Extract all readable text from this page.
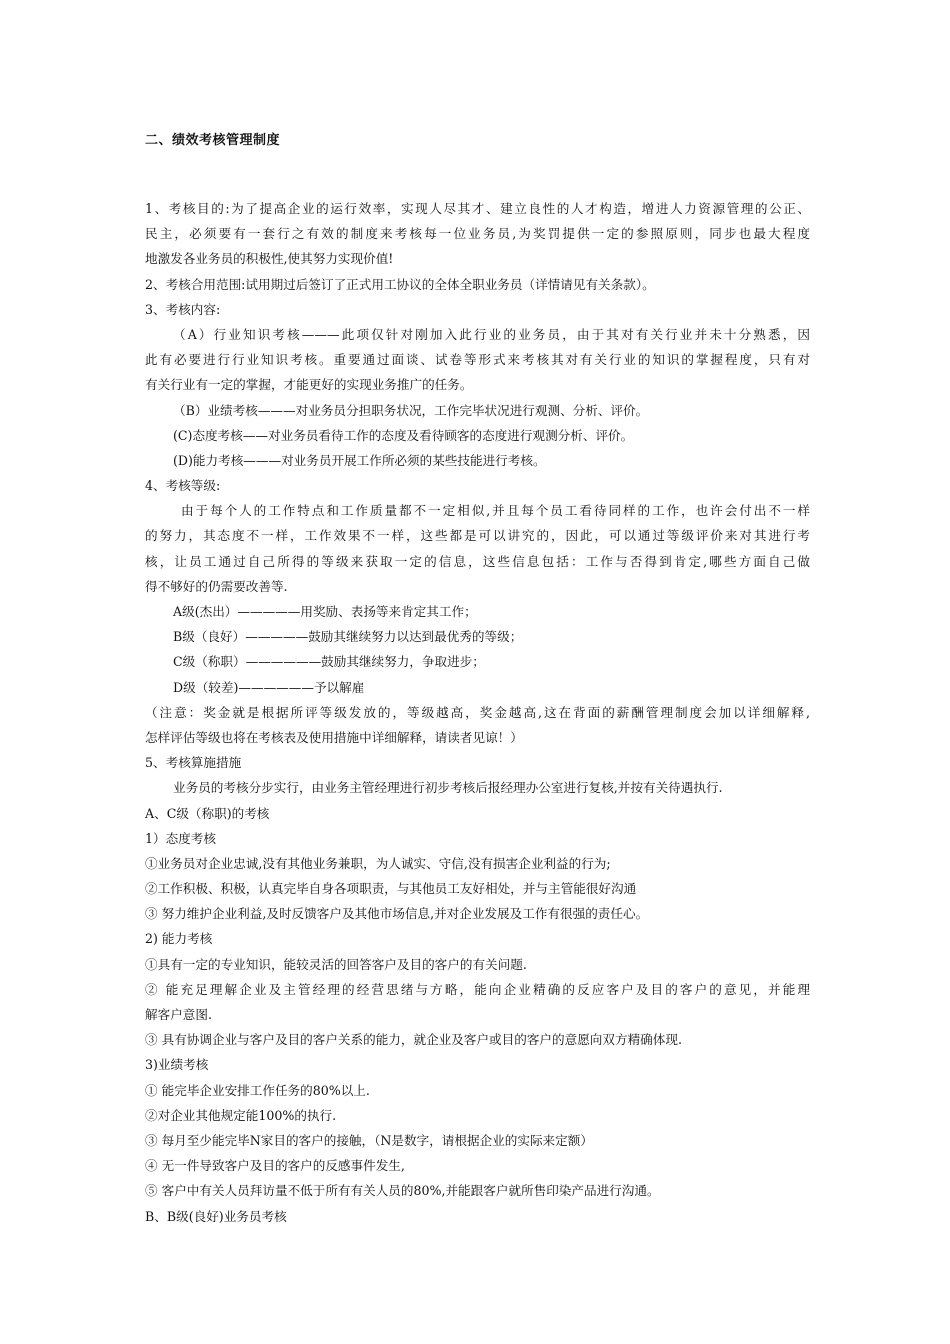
二、绩效考核管理制度
1、考核目的:为了提高企业的运行效率，实现人尽其才、建立良性的人才构造，增进人力资源管理的公正、
民主，必须要有一套行之有效的制度来考核每一位业务员,为奖罚提供一定的参照原则，同步也最大程度
地激发各业务员的积极性,使其努力实现价值!
2、考核合用范围:试用期过后签订了正式用工协议的全体全职业务员（详情请见有关条款）。
3、考核内容:
（A）行业知识考核———此项仅针对刚加入此行业的业务员，由于其对有关行业并未十分熟悉，因
此有必要进行行业知识考核。重要通过面谈、试卷等形式来考核其对有关行业的知识的掌握程度，只有对
有关行业有一定的掌握，才能更好的实现业务推广的任务。
（B）业绩考核———对业务员分担职务状况，工作完毕状况进行观测、分析、评价。
(C)态度考核——对业务员看待工作的态度及看待顾客的态度进行观测分析、评价。
(D)能力考核———对业务员开展工作所必须的某些技能进行考核。
4、考核等级:
由于每个人的工作特点和工作质量都不一定相似,并且每个员工看待同样的工作，也许会付出不一样
的努力，其态度不一样，工作效果不一样，这些都是可以讲究的，因此，可以通过等级评价来对其进行考
核，让员工通过自己所得的等级来获取一定的信息，这些信息包括：工作与否得到肯定,哪些方面自己做
得不够好的仍需要改善等.
A级(杰出）—————用奖励、表扬等来肯定其工作；
B级（良好）—————鼓励其继续努力以达到最优秀的等级；
C级（称职）——————鼓励其继续努力，争取进步；
D级（较差)——————予以解雇
（注意：奖金就是根据所评等级发放的，等级越高，奖金越高,这在背面的薪酬管理制度会加以详细解释,
怎样评估等级也将在考核表及使用措施中详细解释，请读者见谅！）
5、考核算施措施
业务员的考核分步实行，由业务主管经理进行初步考核后报经理办公室进行复核,并按有关待遇执行.
A、C级（称职)的考核
1）态度考核
①业务员对企业忠诚,没有其他业务兼职，为人诚实、守信,没有损害企业利益的行为;
②工作积极、积极，认真完毕自身各项职责，与其他员工友好相处，并与主管能很好沟通
③ 努力维护企业利益,及时反馈客户及其他市场信息,并对企业发展及工作有很强的责任心。
2) 能力考核
①具有一定的专业知识，能较灵活的回答客户及目的客户的有关问题.
② 能充足理解企业及主管经理的经营思绪与方略，能向企业精确的反应客户及目的客户的意见，并能理
解客户意图.
③ 具有协调企业与客户及目的客户关系的能力，就企业及客户或目的客户的意愿向双方精确体现.
3)业绩考核
① 能完毕企业安排工作任务的80%以上.
②对企业其他规定能100%的执行.
③ 每月至少能完毕N家目的客户的接触，（N是数字，请根据企业的实际来定额）
④ 无一件导致客户及目的客户的反感事件发生,
⑤ 客户中有关人员拜访量不低于所有有关人员的80%,并能跟客户就所售印染产品进行沟通。
B、B级(良好)业务员考核
